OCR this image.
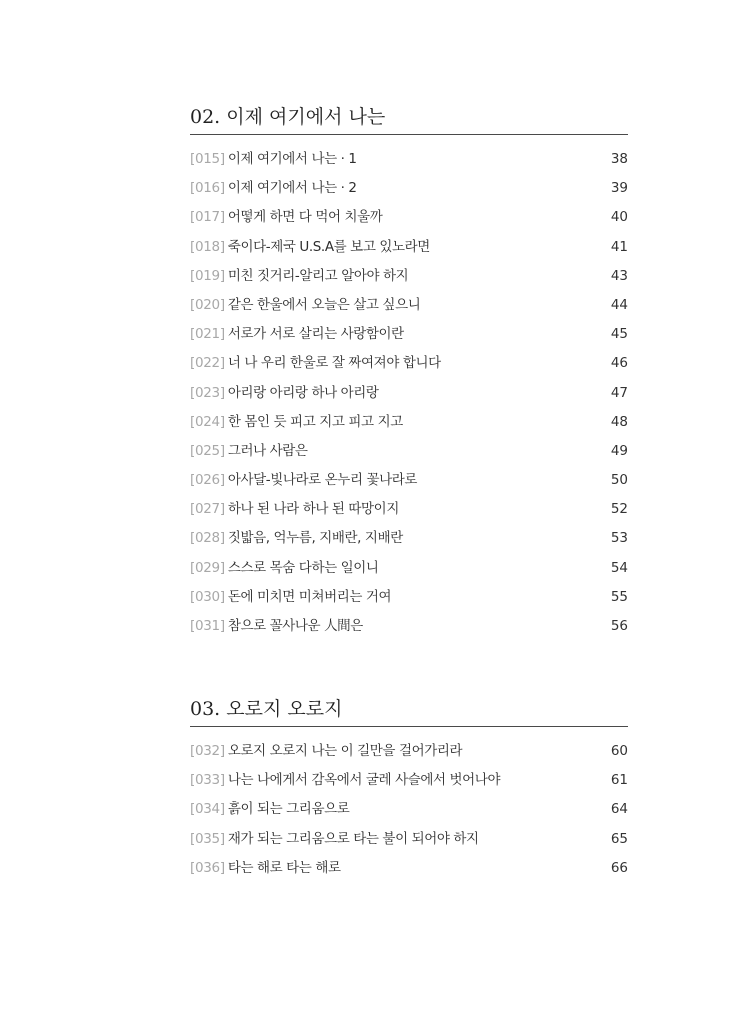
02. 이제 여기에서 나는
[015] 이제 여기에서 나는 · 1	38
[016] 이제 여기에서 나는 · 2	39
[017] 어떻게 하면 다 먹어 치울까	40
[018] 죽이다-제국 U.S.A를 보고 있노라면	41
[019] 미친 짓거리-알리고 알아야 하지	43
[020] 같은 한울에서 오늘은 살고 싶으니	44
[021] 서로가 서로 살리는 사랑함이란	45
[022] 너 나 우리 한울로 잘 짜여져야 합니다	46
[023] 아리랑 아리랑 하나 아리랑	47
[024] 한 몸인 듯 피고 지고 피고 지고	48
[025] 그러나 사람은	49
[026] 아사달-빛나라로 온누리 꽃나라로	50
[027] 하나 된 나라 하나 된 따망이지	52
[028] 짓밟음, 억누름, 지배란, 지배란	53
[029] 스스로 목숨 다하는 일이니	54
[030] 돈에 미치면 미쳐버리는 거여	55
[031] 참으로 꼴사나운 人間은	56
03. 오로지 오로지
[032] 오로지 오로지 나는 이 길만을 걸어가리라	60
[033] 나는 나에게서 감옥에서 굴레 사슬에서 벗어나야	61
[034] 흙이 되는 그리움으로	64
[035] 재가 되는 그리움으로 타는 불이 되어야 하지	65
[036] 타는 해로 타는 해로	66
